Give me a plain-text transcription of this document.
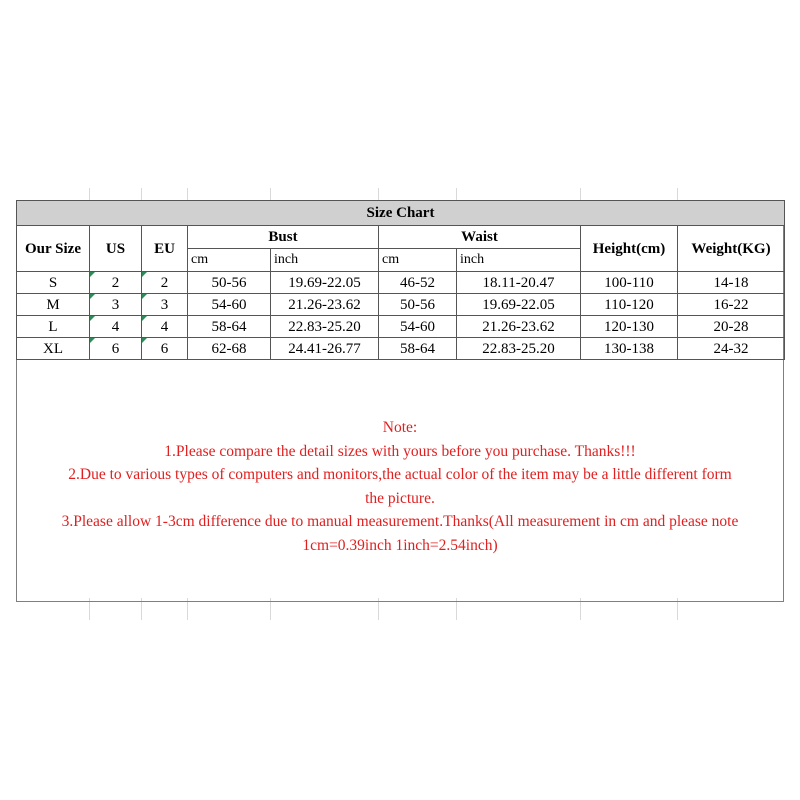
Size Chart								
Our Size	US	EU	Bust		Waist		Height(cm)	Weight(KG)
			cm	inch	cm	inch		
S	2	2	50-56	19.69-22.05	46-52	18.11-20.47	100-110	14-18
M	3	3	54-60	21.26-23.62	50-56	19.69-22.05	110-120	16-22
L	4	4	58-64	22.83-25.20	54-60	21.26-23.62	120-130	20-28
XL	6	6	62-68	24.41-26.77	58-64	22.83-25.20	130-138	24-32

Note:

1.Please compare the detail sizes with yours before you purchase. Thanks!!!

2.Due to various types of computers and monitors,the actual color of the item may be a little different form

the picture.

3.Please allow 1-3cm difference due to manual measurement.Thanks(All measurement in cm and please note

1cm=0.39inch 1inch=2.54inch)
